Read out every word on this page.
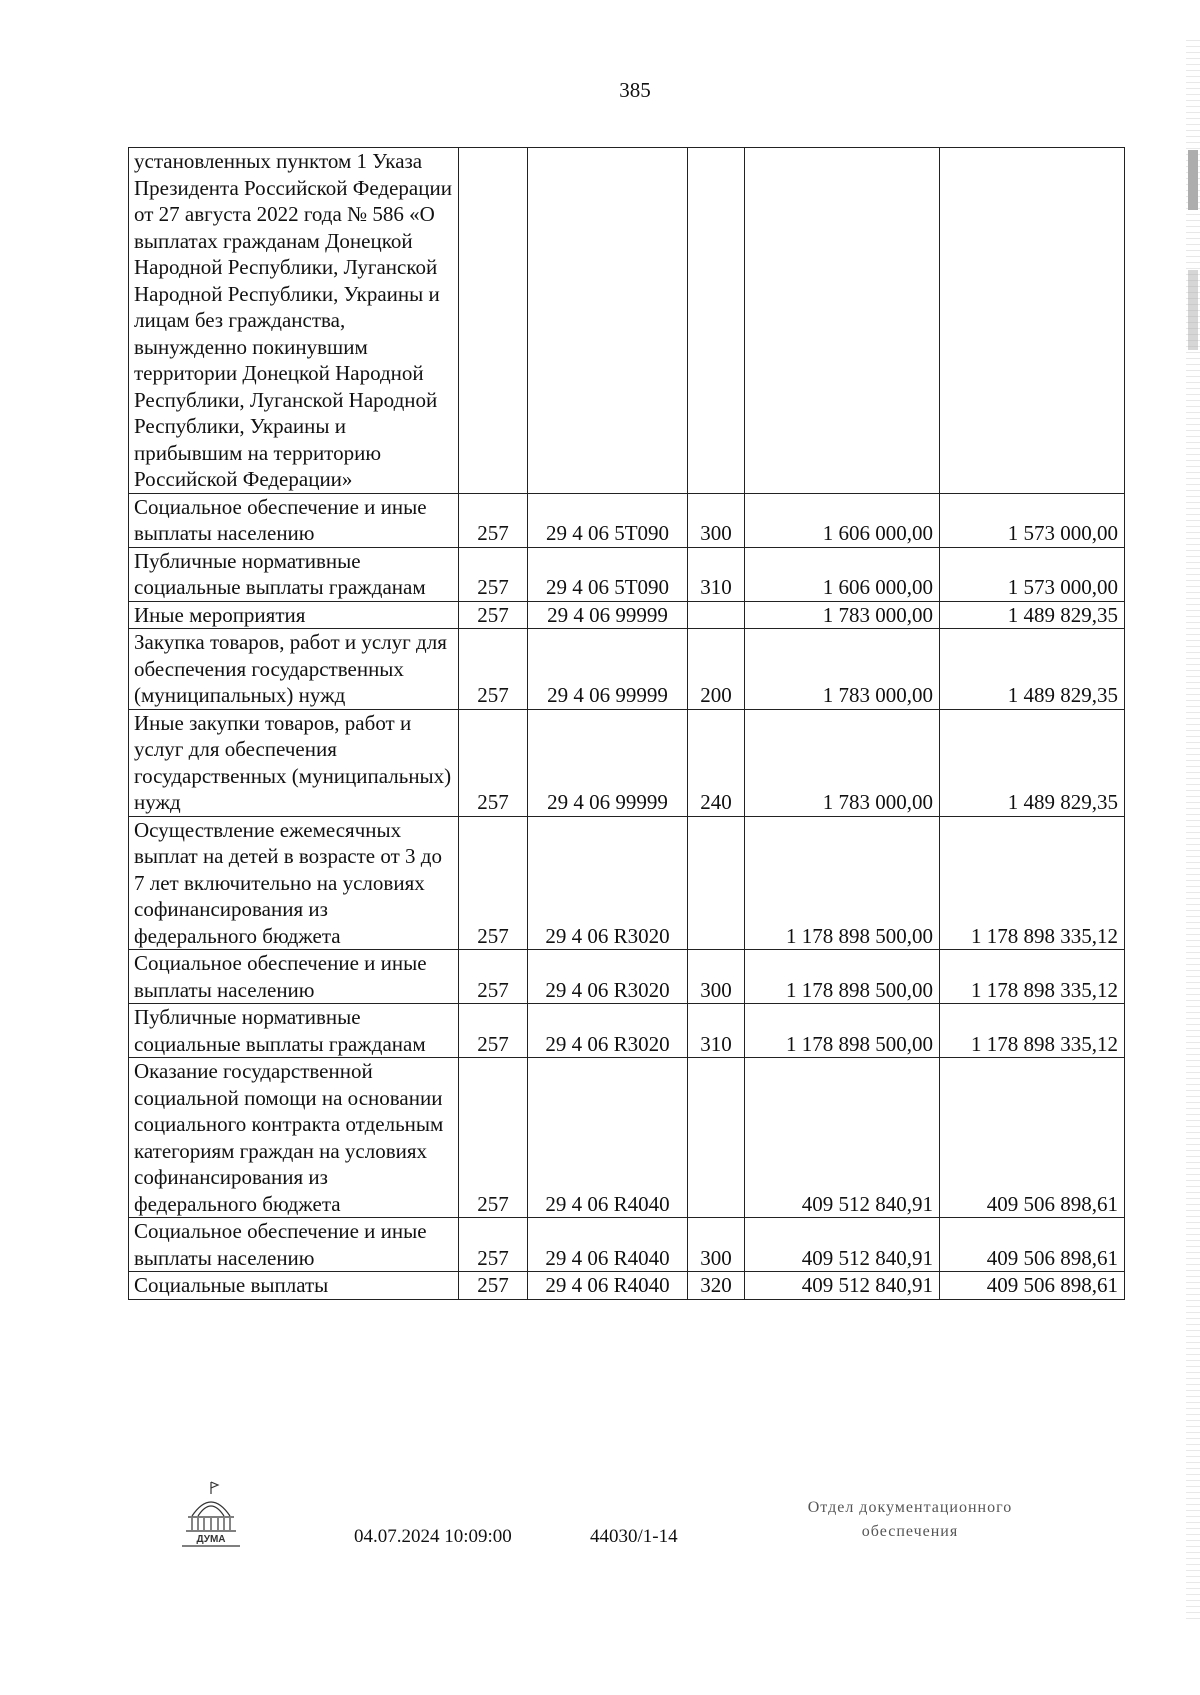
385
установленных пунктом 1 Указа Президента Российской Федерации от 27 августа 2022 года № 586 «О выплатах гражданам Донецкой Народной Республики, Луганской Народной Республики, Украины и лицам без гражданства, вынужденно покинувшим территории Донецкой Народной Республики, Луганской Народной Республики, Украины и прибывшим на территорию Российской Федерации»					
Социальное обеспечение и иные выплаты населению	257	29 4 06 5Т090	300	1 606 000,00	1 573 000,00
Публичные нормативные социальные выплаты гражданам	257	29 4 06 5Т090	310	1 606 000,00	1 573 000,00
Иные мероприятия	257	29 4 06 99999		1 783 000,00	1 489 829,35
Закупка товаров, работ и услуг для обеспечения государственных (муниципальных) нужд	257	29 4 06 99999	200	1 783 000,00	1 489 829,35
Иные закупки товаров, работ и услуг для обеспечения государственных (муниципальных) нужд	257	29 4 06 99999	240	1 783 000,00	1 489 829,35
Осуществление ежемесячных выплат на детей в возрасте от 3 до 7 лет включительно на условиях софинансирования из федерального бюджета	257	29 4 06 R3020		1 178 898 500,00	1 178 898 335,12
Социальное обеспечение и иные выплаты населению	257	29 4 06 R3020	300	1 178 898 500,00	1 178 898 335,12
Публичные нормативные социальные выплаты гражданам	257	29 4 06 R3020	310	1 178 898 500,00	1 178 898 335,12
Оказание государственной социальной помощи на основании социального контракта отдельным категориям граждан на условиях софинансирования из федерального бюджета	257	29 4 06 R4040		409 512 840,91	409 506 898,61
Социальное обеспечение и иные выплаты населению	257	29 4 06 R4040	300	409 512 840,91	409 506 898,61
Социальные выплаты	257	29 4 06 R4040	320	409 512 840,91	409 506 898,61
ДУМА	04.07.2024 10:09:00	44030/1-14
Отдел документационного
обеспечения
